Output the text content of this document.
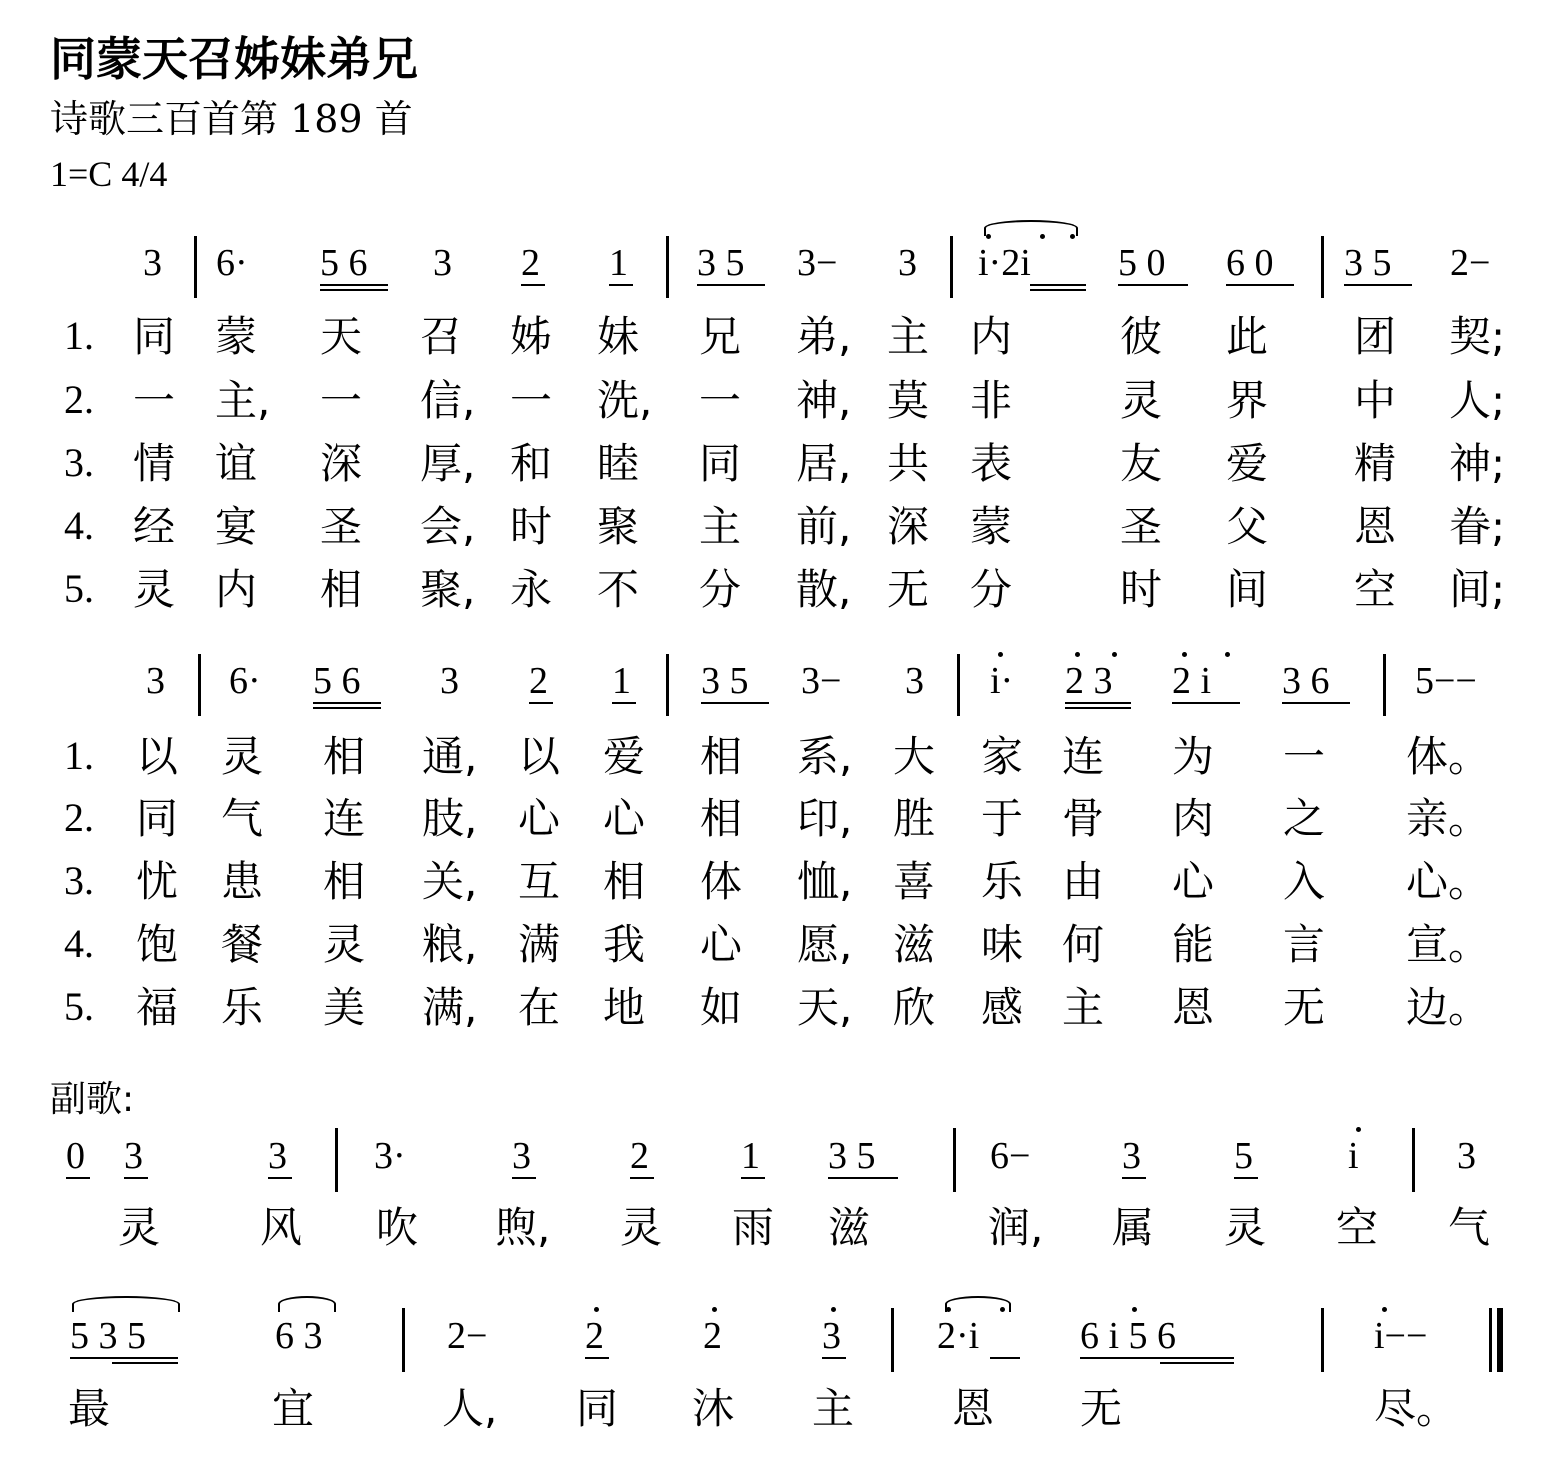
同蒙天召姊妹弟兄
诗歌三百首第 189 首
1=C 4/4
3 6· 5 6 3 2 1 3 5 3− 3 i·2i 5 0 6 0 3 5 2−
1.
2.
3.
4.
5.
同 蒙 天 召 姊 妹 兄 弟, 主 内	彼 此 团 契;
一 主, 一 信, 一 洗, 一 神, 莫 非	灵 界 中 人;
情 谊 深 厚, 和 睦 同 居, 共 表	友 爱 精 神;
经 宴 圣 会, 时 聚 主 前, 深 蒙	圣 父 恩 眷;
灵 内 相 聚, 永 不 分 散, 无 分	时 间 空 间;
3 6· 5 6 3 2 1 3 5 3− 3 i· 2 3 2 i 3 6 5−−
1.
2.
3.
4.
5.
以 灵 相 通, 以 爱 相 系, 大 家 连 为 一 体。
同 气 连 肢, 心 心 相 印, 胜 于 骨 肉 之 亲。
忧 患 相 关, 互 相 体 恤, 喜 乐 由 心 入 心。
饱 餐 灵 粮, 满 我 心 愿, 滋 味 何 能 言 宣。
福 乐 美 满, 在 地 如 天, 欣 感 主 恩 无 边。
副歌:
0 3	3 3·	3	2 1 3 5	6− 3 5	i	3
灵 风 吹 煦, 灵 雨 滋	润, 属 灵 空 气
5 3 5	6 3	2−	2	2	3	2·i	6 i 5 6	i−−
最	宜	人, 同 沐 主 恩 无	尽。
